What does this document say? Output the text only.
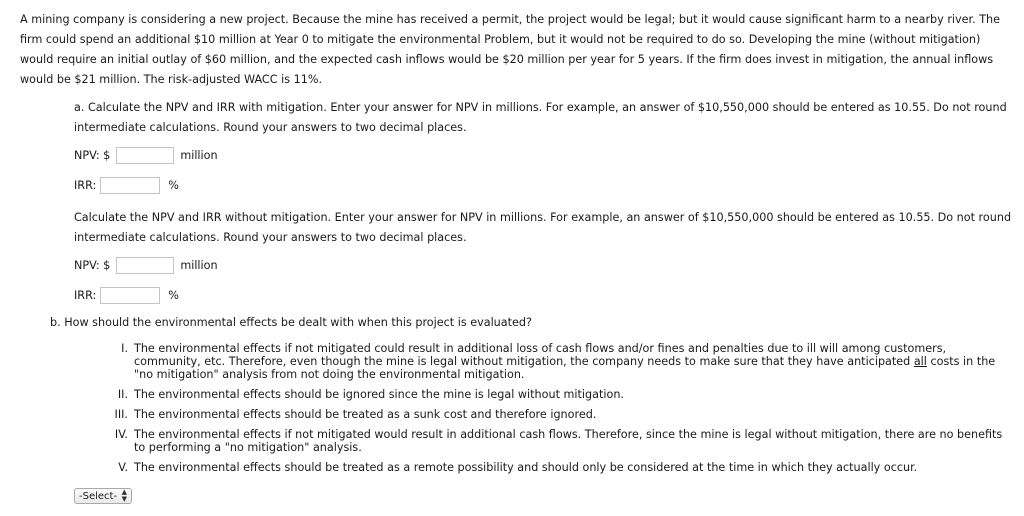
A mining company is considering a new project. Because the mine has received a permit, the project would be legal; but it would cause significant harm to a nearby river. The firm could spend an additional $10 million at Year 0 to mitigate the environmental Problem, but it would not be required to do so. Developing the mine (without mitigation) would require an initial outlay of $60 million, and the expected cash inflows would be $20 million per year for 5 years. If the firm does invest in mitigation, the annual inflows would be $21 million. The risk-adjusted WACC is 11%.
a. Calculate the NPV and IRR with mitigation. Enter your answer for NPV in millions. For example, an answer of $10,550,000 should be entered as 10.55. Do not round intermediate calculations. Round your answers to two decimal places.
NPV: $	million
IRR:	%
Calculate the NPV and IRR without mitigation. Enter your answer for NPV in millions. For example, an answer of $10,550,000 should be entered as 10.55. Do not round intermediate calculations. Round your answers to two decimal places.
NPV: $	million
IRR:	%
b. How should the environmental effects be dealt with when this project is evaluated?
I. The environmental effects if not mitigated could result in additional loss of cash flows and/or fines and penalties due to ill will among customers, community, etc. Therefore, even though the mine is legal without mitigation, the company needs to make sure that they have anticipated all costs in the "no mitigation" analysis from not doing the environmental mitigation.
II. The environmental effects should be ignored since the mine is legal without mitigation.
III. The environmental effects should be treated as a sunk cost and therefore ignored.
IV. The environmental effects if not mitigated would result in additional cash flows. Therefore, since the mine is legal without mitigation, there are no benefits to performing a "no mitigation" analysis.
V. The environmental effects should be treated as a remote possibility and should only be considered at the time in which they actually occur.
-Select- ▲
▼
